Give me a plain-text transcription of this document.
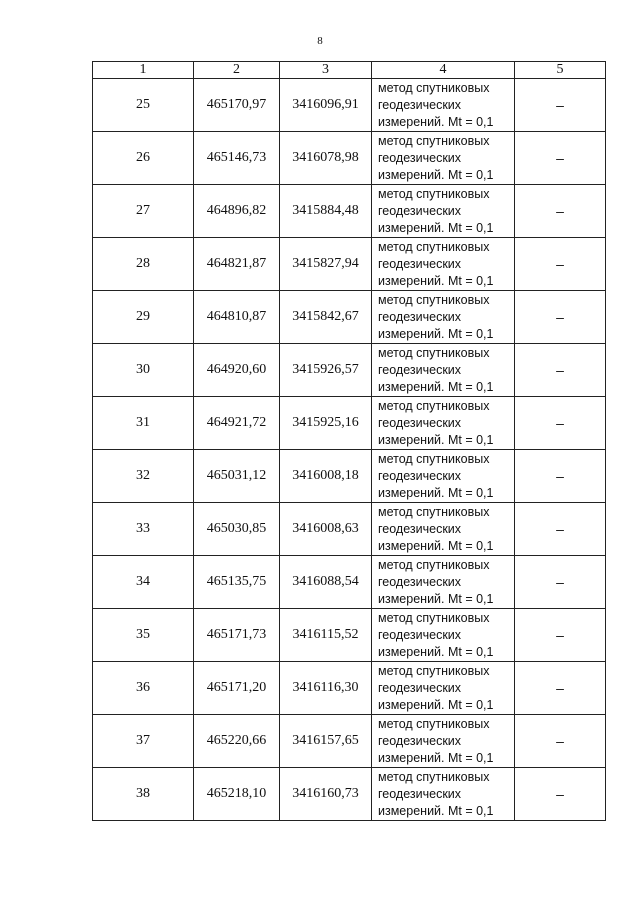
8
1	2	3	4	5
25	465170,97	3416096,91	метод спутниковых
геодезических
измерений. Mt = 0,1	–
26	465146,73	3416078,98	метод спутниковых
геодезических
измерений. Mt = 0,1	–
27	464896,82	3415884,48	метод спутниковых
геодезических
измерений. Mt = 0,1	–
28	464821,87	3415827,94	метод спутниковых
геодезических
измерений. Mt = 0,1	–
29	464810,87	3415842,67	метод спутниковых
геодезических
измерений. Mt = 0,1	–
30	464920,60	3415926,57	метод спутниковых
геодезических
измерений. Mt = 0,1	–
31	464921,72	3415925,16	метод спутниковых
геодезических
измерений. Mt = 0,1	–
32	465031,12	3416008,18	метод спутниковых
геодезических
измерений. Mt = 0,1	–
33	465030,85	3416008,63	метод спутниковых
геодезических
измерений. Mt = 0,1	–
34	465135,75	3416088,54	метод спутниковых
геодезических
измерений. Mt = 0,1	–
35	465171,73	3416115,52	метод спутниковых
геодезических
измерений. Mt = 0,1	–
36	465171,20	3416116,30	метод спутниковых
геодезических
измерений. Mt = 0,1	–
37	465220,66	3416157,65	метод спутниковых
геодезических
измерений. Mt = 0,1	–
38	465218,10	3416160,73	метод спутниковых
геодезических
измерений. Mt = 0,1	–
